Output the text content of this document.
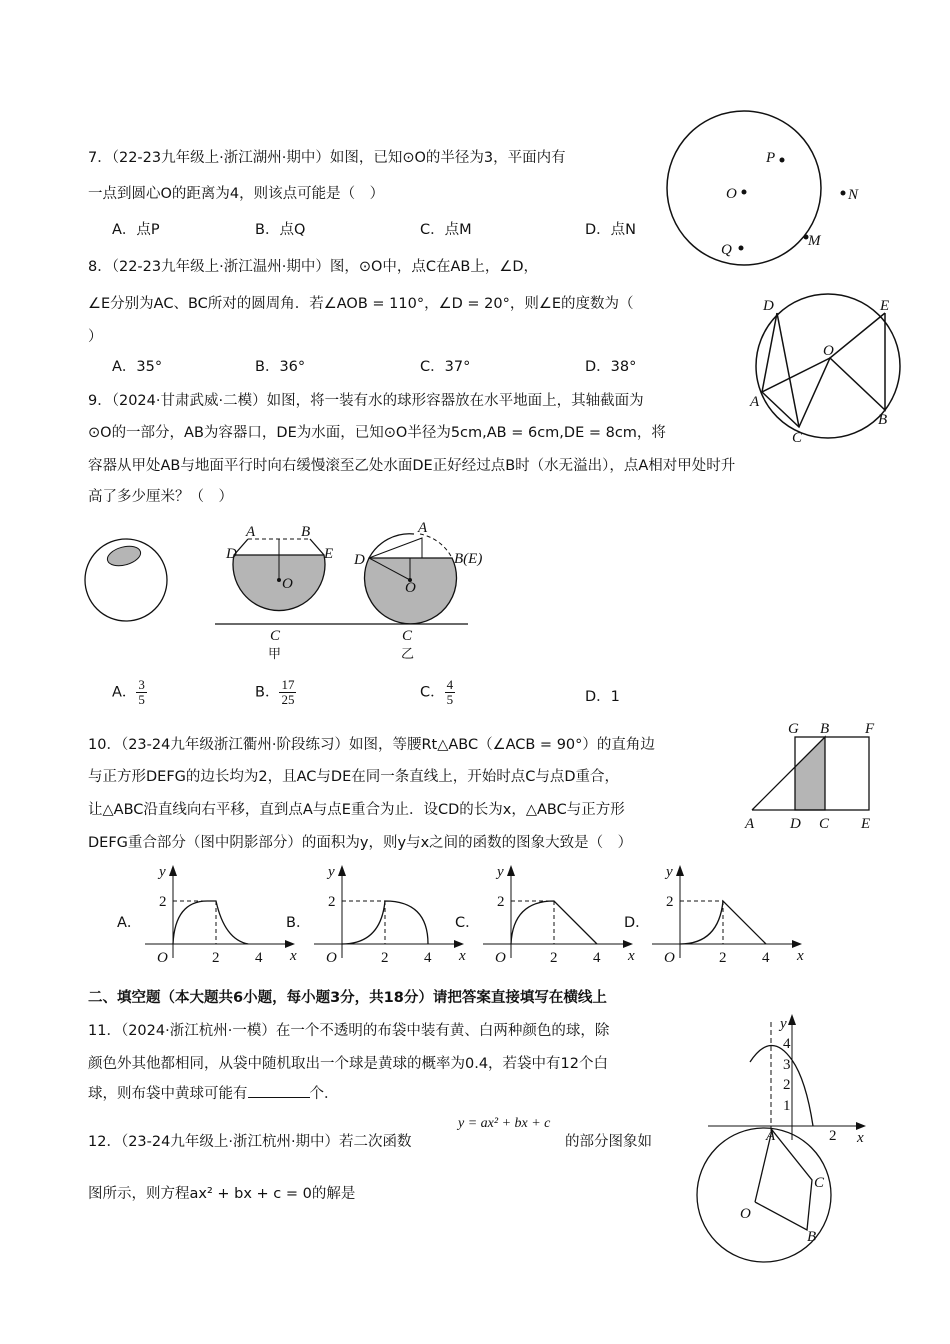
7．（22-23九年级上·浙江湖州·期中）如图，已知⊙O的半径为3，平面内有
一点到圆心O的距离为4，则该点可能是（　）
A．点P	B．点Q	C．点M	D．点N
O
P
N
Q
M
8．（22-23九年级上·浙江温州·期中）图，⊙O中，点C在AB上，∠D，
∠E分别为AC、BC所对的圆周角．若∠AOB = 110°，∠D = 20°，则∠E的度数为（
）
A．35°	B．36°	C．37°	D．38°
D	E
O
A
B
C
9．（2024·甘肃武威·二模）如图，将一装有水的球形容器放在水平地面上，其轴截面为
⊙O的一部分，AB为容器口，DE为水面，已知⊙O半径为5cm,AB = 6cm,DE = 8cm，将
容器从甲处AB与地面平行时向右缓慢滚至乙处水面DE正好经过点B时（水无溢出），点A相对甲处时升
高了多少厘米？（　）
A	B
D	E
O
C
甲
A
D	B(E)
O
C
乙
A． $\frac{3}{5}$	B． $\frac{17}{25}$	C． $\frac{4}{5}$	D．1
10．（23-24九年级浙江衢州·阶段练习）如图，等腰Rt△ABC（∠ACB = 90°）的直角边
与正方形DEFG的边长均为2，且AC与DE在同一条直线上，开始时点C与点D重合，
让△ABC沿直线向右平移，直到点A与点E重合为止．设CD的长为x，△ABC与正方形
DEFG重合部分（图中阴影部分）的面积为y，则y与x之间的函数的图象大致是（　）
G B F
A D C E
A．	B．	C．	D．
二、填空题（本大题共6小题，每小题3分，共18分）请把答案直接填写在横线上
11．（2024·浙江杭州·一模）在一个不透明的布袋中装有黄、白两种颜色的球，除
颜色外其他都相同，从袋中随机取出一个球是黄球的概率为0.4，若袋中有12个白
球，则布袋中黄球可能有	个．
y = ax² + bx + c
12．（23-24九年级上·浙江杭州·期中）若二次函数	的部分图象如
图所示，则方程ax² + bx + c = 0的解是
y
x
4
3
2
1
2
A
C
O
B
y
x
O
2
2 4
y
x
O
2
2 4
y
x
O
2
2 4
y
x
O
2
2 4
